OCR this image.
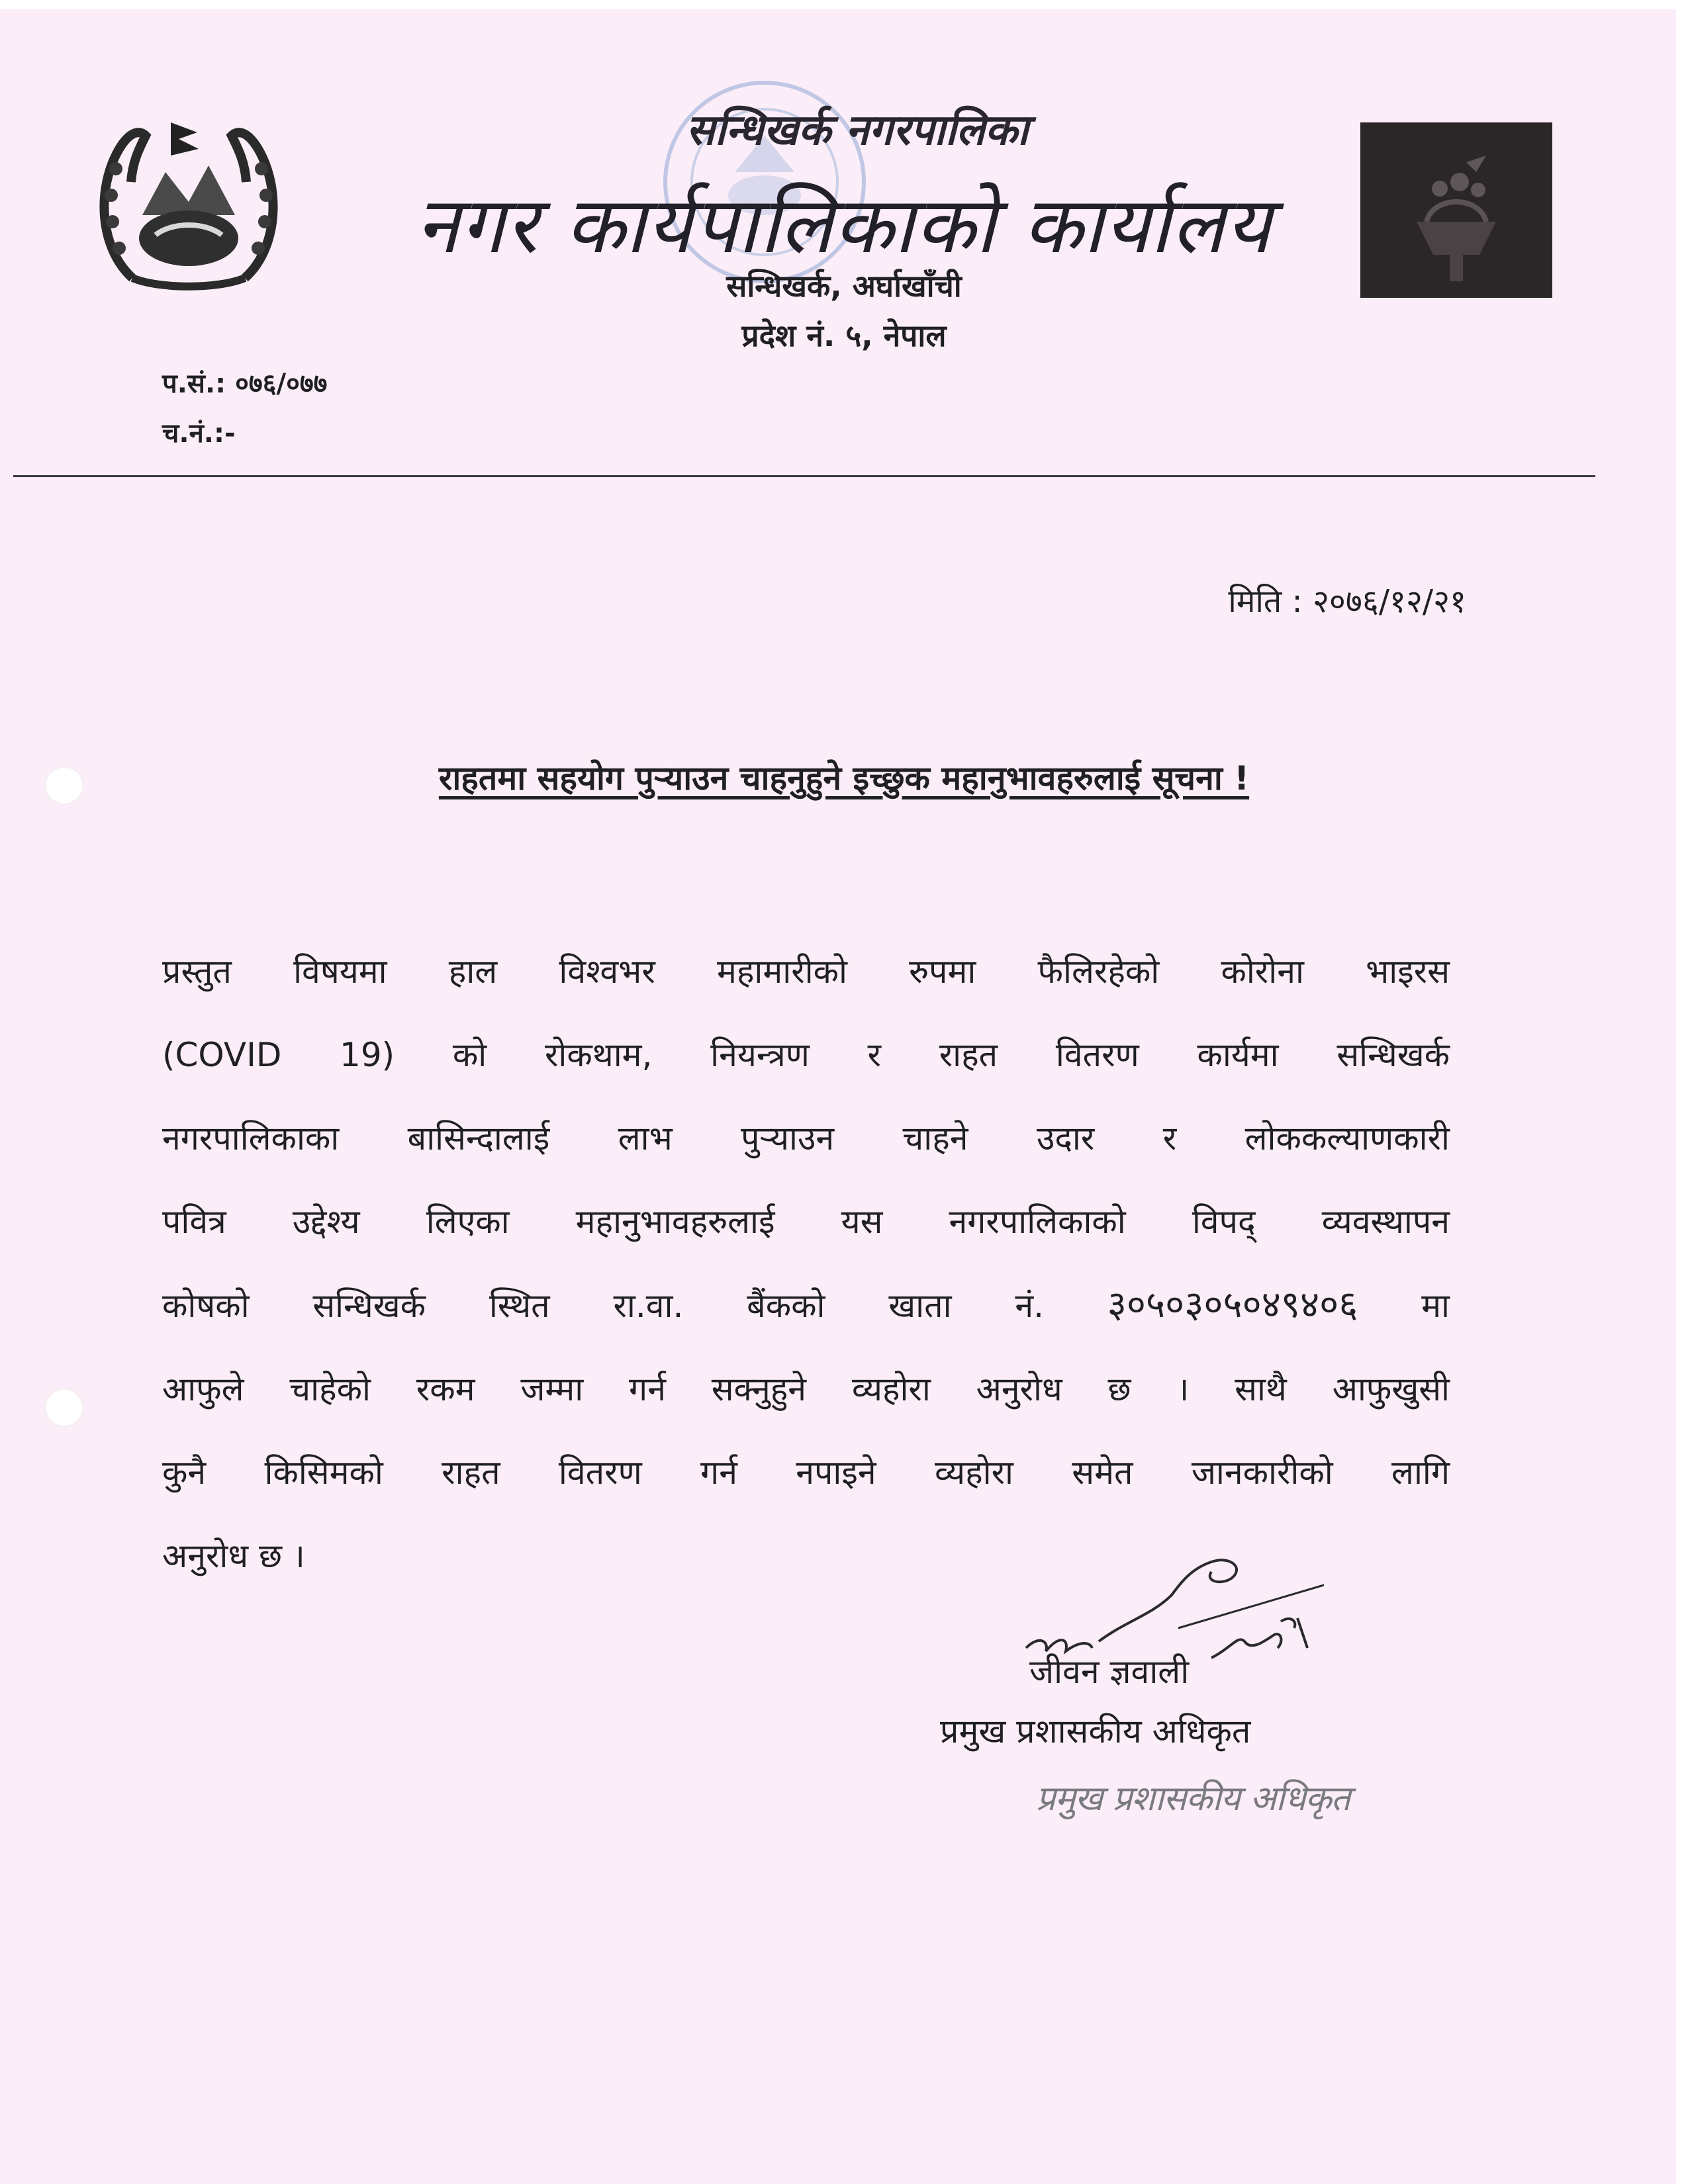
सन्धिखर्क नगरपालिका
नगर कार्यपालिकाको कार्यालय
सन्धिखर्क, अर्घाखाँची
प्रदेश नं. ५, नेपाल
प.सं.: ०७६/०७७
च.नं.:-
मिति : २०७६/१२/२१
राहतमा सहयोग पुऱ्याउन चाहनुहुने इच्छुक महानुभावहरुलाई सूचना !
प्रस्तुत विषयमा हाल विश्वभर महामारीको रुपमा फैलिरहेको कोरोना भाइरस
(COVID 19) को रोकथाम, नियन्त्रण र राहत वितरण कार्यमा सन्धिखर्क
नगरपालिकाका बासिन्दालाई लाभ पुऱ्याउन चाहने उदार र लोककल्याणकारी
पवित्र उद्देश्य लिएका महानुभावहरुलाई यस नगरपालिकाको विपद् व्यवस्थापन
कोषको सन्धिखर्क स्थित रा.वा. बैंकको खाता नं. ३०५०३०५०४९४०६ मा
आफुले चाहेको रकम जम्मा गर्न सक्नुहुने व्यहोरा अनुरोध छ । साथै आफुखुसी
कुनै किसिमको राहत वितरण गर्न नपाइने व्यहोरा समेत जानकारीको लागि
अनुरोध छ ।
जीवन ज्ञवाली
प्रमुख प्रशासकीय अधिकृत
प्रमुख प्रशासकीय अधिकृत
